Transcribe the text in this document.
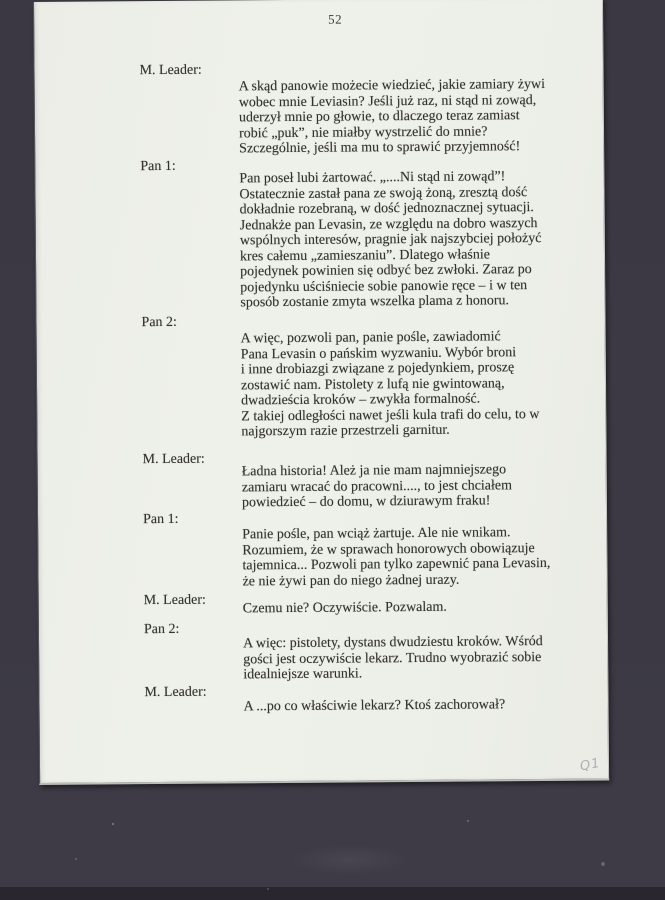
52
M. Leader:
A skąd panowie możecie wiedzieć, jakie zamiary żywi
wobec mnie Leviasin? Jeśli już raz, ni stąd ni zowąd,
uderzył mnie po głowie, to dlaczego teraz zamiast
robić „puk”, nie miałby wystrzelić do mnie?
Szczególnie, jeśli ma mu to sprawić przyjemność!
Pan 1:
Pan poseł lubi żartować. „....Ni stąd ni zowąd”!
Ostatecznie zastał pana ze swoją żoną, zresztą dość
dokładnie rozebraną, w dość jednoznacznej sytuacji.
Jednakże pan Levasin, ze względu na dobro waszych
wspólnych interesów, pragnie jak najszybciej położyć
kres całemu „zamieszaniu”. Dlatego właśnie
pojedynek powinien się odbyć bez zwłoki. Zaraz po
pojedynku uściśniecie sobie panowie ręce – i w ten
sposób zostanie zmyta wszelka plama z honoru.
Pan 2:
A więc, pozwoli pan, panie pośle, zawiadomić
Pana Levasin o pańskim wyzwaniu. Wybór broni
i inne drobiazgi związane z pojedynkiem, proszę
zostawić nam. Pistolety z lufą nie gwintowaną,
dwadzieścia kroków – zwykła formalność.
Z takiej odległości nawet jeśli kula trafi do celu, to w
najgorszym razie przestrzeli garnitur.
M. Leader:
Ładna historia! Ależ ja nie mam najmniejszego
zamiaru wracać do pracowni...., to jest chciałem
powiedzieć – do domu, w dziurawym fraku!
Pan 1:
Panie pośle, pan wciąż żartuje. Ale nie wnikam.
Rozumiem, że w sprawach honorowych obowiązuje
tajemnica... Pozwoli pan tylko zapewnić pana Levasin,
że nie żywi pan do niego żadnej urazy.
M. Leader:	Czemu nie? Oczywiście. Pozwalam.
Pan 2:
A więc: pistolety, dystans dwudziestu kroków. Wśród
gości jest oczywiście lekarz. Trudno wyobrazić sobie
idealniejsze warunki.
M. Leader:
A ...po co właściwie lekarz? Ktoś zachorował?
Q1
